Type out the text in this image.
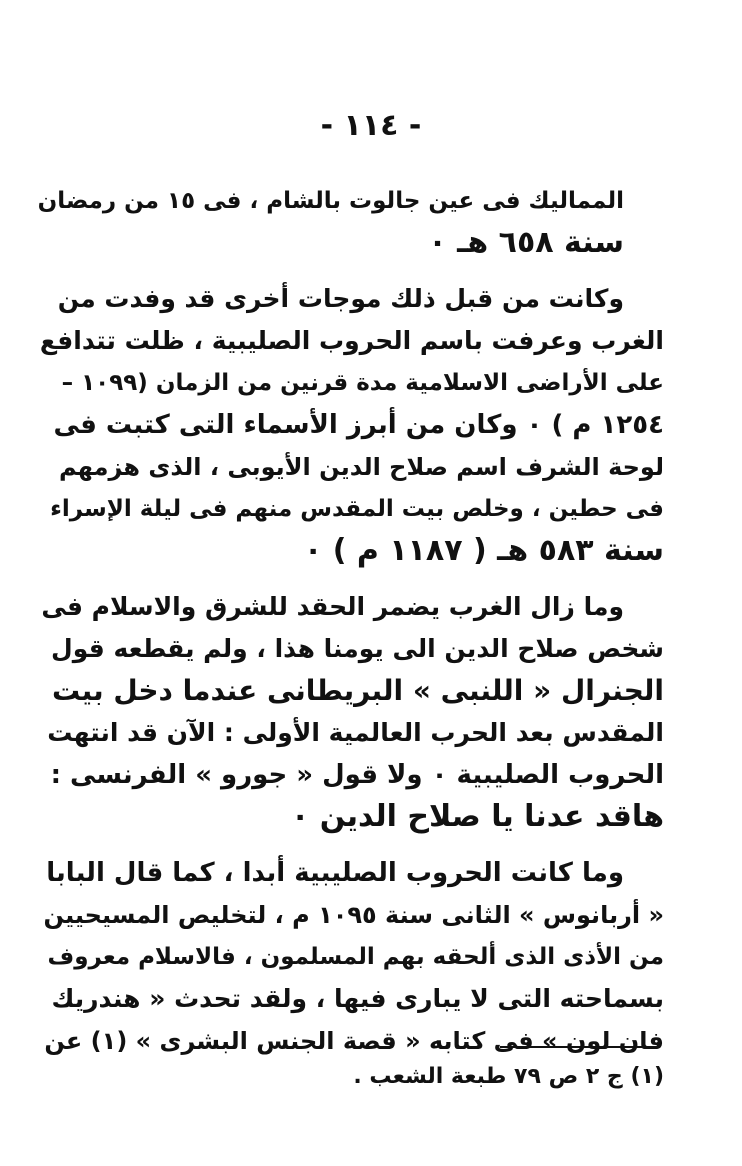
- ١١٤ -

المماليك فى عين جالوت بالشام ، فى ١٥ من رمضان
سنة ٦٥٨ هـ ٠

وكانت من قبل ذلك موجات أخرى قد وفدت من
الغرب وعرفت باسم الحروب الصليبية ، ظلت تتدافع
على الأراضى الاسلامية مدة قرنين من الزمان (١٠٩٩ –
١٢٥٤ م ) ٠ وكان من أبرز الأسماء التى كتبت فى
لوحة الشرف اسم صلاح الدين الأيوبى ، الذى هزمهم
فى حطين ، وخلص بيت المقدس منهم فى ليلة الإسراء
سنة ٥٨٣ هـ ( ١١٨٧ م ) ٠

وما زال الغرب يضمر الحقد للشرق والاسلام فى
شخص صلاح الدين الى يومنا هذا ، ولم يقطعه قول
الجنرال « اللنبى » البريطانى عندما دخل بيت
المقدس بعد الحرب العالمية الأولى : الآن قد انتهت
الحروب الصليبية ٠ ولا قول « جورو » الفرنسى :
هاقد عدنا يا صلاح الدين ٠

وما كانت الحروب الصليبية أبدا ، كما قال البابا
« أربانوس » الثانى سنة ١٠٩٥ م ، لتخليص المسيحيين
من الأذى الذى ألحقه بهم المسلمون ، فالاسلام معروف
بسماحته التى لا يبارى فيها ، ولقد تحدث « هندريك
فان لون » فى كتابه « قصة الجنس البشرى » (١) عن

(١) ج ٢ ص ٧٩ طبعة الشعب .
